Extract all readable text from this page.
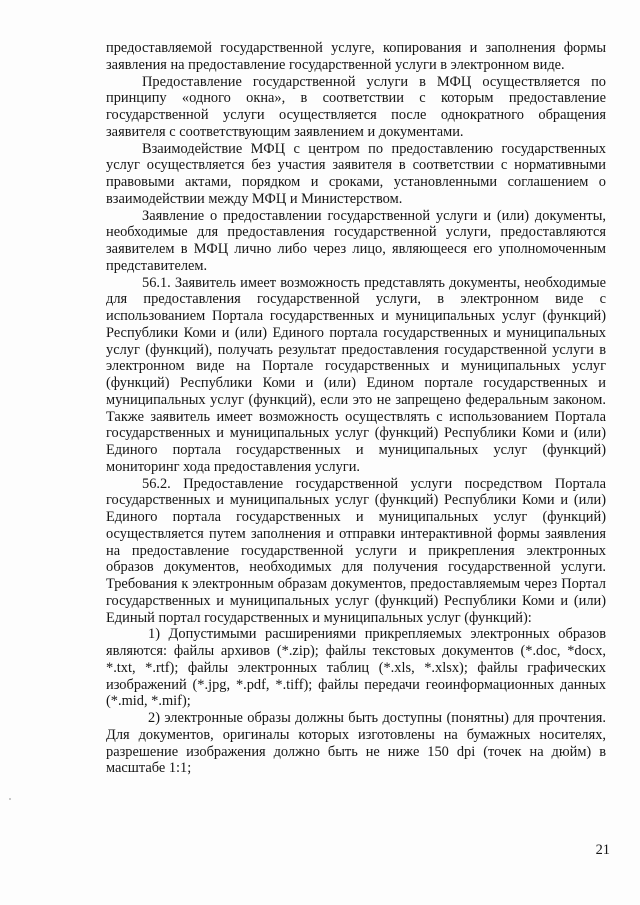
предоставляемой государственной услуге, копирования и заполнения формы заявления на предоставление государственной услуги в электронном виде.

Предоставление государственной услуги в МФЦ осуществляется по принципу «одного окна», в соответствии с которым предоставление государственной услуги осуществляется после однократного обращения заявителя с соответствующим заявлением и документами.

Взаимодействие МФЦ с центром по предоставлению государственных услуг осуществляется без участия заявителя в соответствии с нормативными правовыми актами, порядком и сроками, установленными соглашением о взаимодействии между МФЦ и Министерством.

Заявление о предоставлении государственной услуги и (или) документы, необходимые для предоставления государственной услуги, предоставляются заявителем в МФЦ лично либо через лицо, являющееся его уполномоченным представителем.

56.1. Заявитель имеет возможность представлять документы, необходимые для предоставления государственной услуги, в электронном виде с использованием Портала государственных и муниципальных услуг (функций) Республики Коми и (или) Единого портала государственных и муниципальных услуг (функций), получать результат предоставления государственной услуги в электронном виде на Портале государственных и муниципальных услуг (функций) Республики Коми и (или) Едином портале государственных и муниципальных услуг (функций), если это не запрещено федеральным законом. Также заявитель имеет возможность осуществлять с использованием Портала государственных и муниципальных услуг (функций) Республики Коми и (или) Единого портала государственных и муниципальных услуг (функций) мониторинг хода предоставления услуги.

56.2. Предоставление государственной услуги посредством Портала государственных и муниципальных услуг (функций) Республики Коми и (или) Единого портала государственных и муниципальных услуг (функций) осуществляется путем заполнения и отправки интерактивной формы заявления на предоставление государственной услуги и прикрепления электронных образов документов, необходимых для получения государственной услуги. Требования к электронным образам документов, предоставляемым через Портал государственных и муниципальных услуг (функций) Республики Коми и (или) Единый портал государственных и муниципальных услуг (функций):

1) Допустимыми расширениями прикрепляемых электронных образов являются: файлы архивов (*.zip); файлы текстовых документов (*.doc, *docx, *.txt, *.rtf); файлы электронных таблиц (*.xls, *.xlsx); файлы графических изображений (*.jpg, *.pdf, *.tiff); файлы передачи геоинформационных данных (*.mid, *.mif);

2) электронные образы должны быть доступны (понятны) для прочтения. Для документов, оригиналы которых изготовлены на бумажных носителях, разрешение изображения должно быть не ниже 150 dpi (точек на дюйм) в масштабе 1:1;

21
